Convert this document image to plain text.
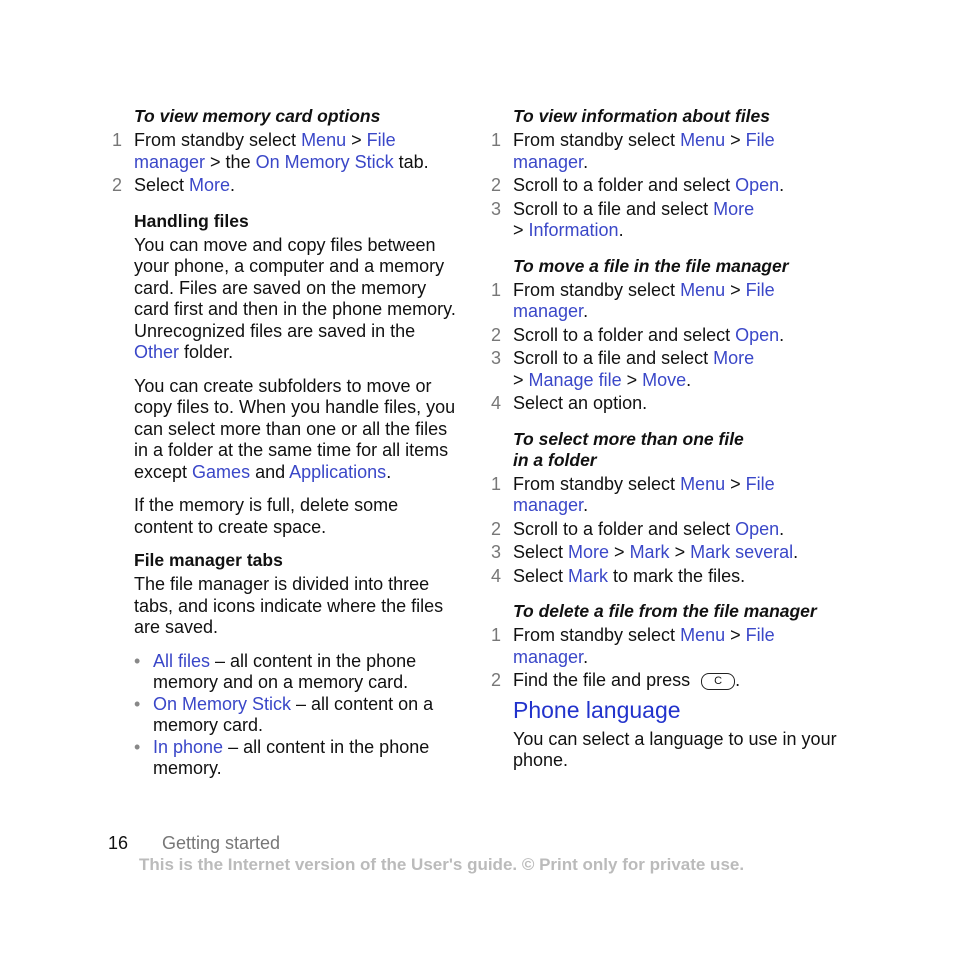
To view memory card options
1 From standby select Menu > File manager > the On Memory Stick tab.
2 Select More.
Handling files
You can move and copy files between your phone, a computer and a memory card. Files are saved on the memory card first and then in the phone memory. Unrecognized files are saved in the Other folder.
You can create subfolders to move or copy files to. When you handle files, you can select more than one or all the files in a folder at the same time for all items except Games and Applications.
If the memory is full, delete some content to create space.
File manager tabs
The file manager is divided into three tabs, and icons indicate where the files are saved.
• All files – all content in the phone memory and on a memory card.
• On Memory Stick – all content on a memory card.
• In phone – all content in the phone memory.
To view information about files
1 From standby select Menu > File manager.
2 Scroll to a folder and select Open.
3 Scroll to a file and select More
> Information.
To move a file in the file manager
1 From standby select Menu > File manager.
2 Scroll to a folder and select Open.
3 Scroll to a file and select More
> Manage file > Move.
4 Select an option.
To select more than one file
in a folder
1 From standby select Menu > File manager.
2 Scroll to a folder and select Open.
3 Select More > Mark > Mark several.
4 Select Mark to mark the files.
To delete a file from the file manager
1 From standby select Menu > File manager.
2 Find the file and press C .
Phone language
You can select a language to use in your phone.
16 Getting started
This is the Internet version of the User's guide. © Print only for private use.
